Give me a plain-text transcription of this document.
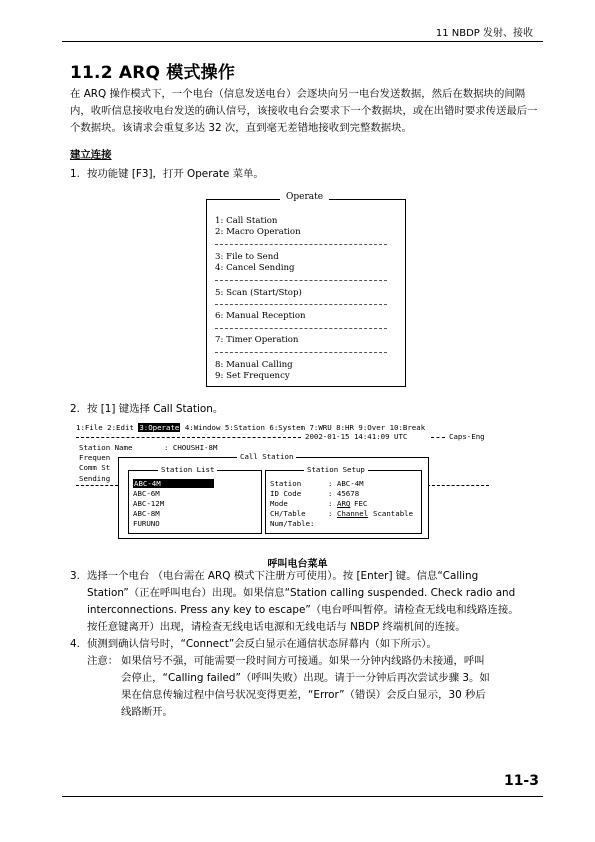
11 NBDP 发射、接收
11.2 ARQ 模式操作
在 ARQ 操作模式下，一个电台（信息发送电台）会逐块向另一电台发送数据，然后在数据块的间隔内，收听信息接收电台发送的确认信号，该接收电台会要求下一个数据块，或在出错时要求传送最后一个数据块。该请求会重复多达 32 次，直到毫无差错地接收到完整数据块。
建立连接
1. 按功能键 [F3]，打开 Operate 菜单。
1: Call Station
2: Macro Operation
3: File to Send
4: Cancel Sending
5: Scan (Start/Stop)
6: Manual Reception
7: Timer Operation
8: Manual Calling
9: Set Frequency
Operate
2. 按 [1] 键选择 Call Station。
1:File 2:Edit 3:Operate 4:Window 5:Station 6:System 7:WRU 8:HR 9:Over 10:Break
2002-01-15 14:41:09 UTC	Caps-Eng
Station Name	: CHOUSHI-8M
Frequen
Comm St
Sending
Call Station
ABC-4M
ABC-6M
ABC-12M
ABC-8M
FURUNO
Station List
Station	: ABC-4M
ID Code	: 45678
Mode	: ARQ FEC
CH/Table	: Channel Scantable
Num/Table:
Station Setup
呼叫电台菜单
3. 选择一个电台 （电台需在 ARQ 模式下注册方可使用）。按 [Enter] 键。信息“Calling
Station”（正在呼叫电台）出现。如果信息“Station calling suspended. Check radio and
interconnections. Press any key to escape”（电台呼叫暂停。请检查无线电和线路连接。
按任意键离开）出现，请检查无线电话电源和无线电话与 NBDP 终端机间的连接。
4. 侦测到确认信号时，“Connect”会反白显示在通信状态屏幕内（如下所示）。
注意： 如果信号不强，可能需要一段时间方可接通。如果一分钟内线路仍未接通，呼叫
会停止，“Calling failed”（呼叫失败）出现。请于一分钟后再次尝试步骤 3。如
果在信息传输过程中信号状况变得更差，“Error”（错误）会反白显示，30 秒后
线路断开。
11-3
